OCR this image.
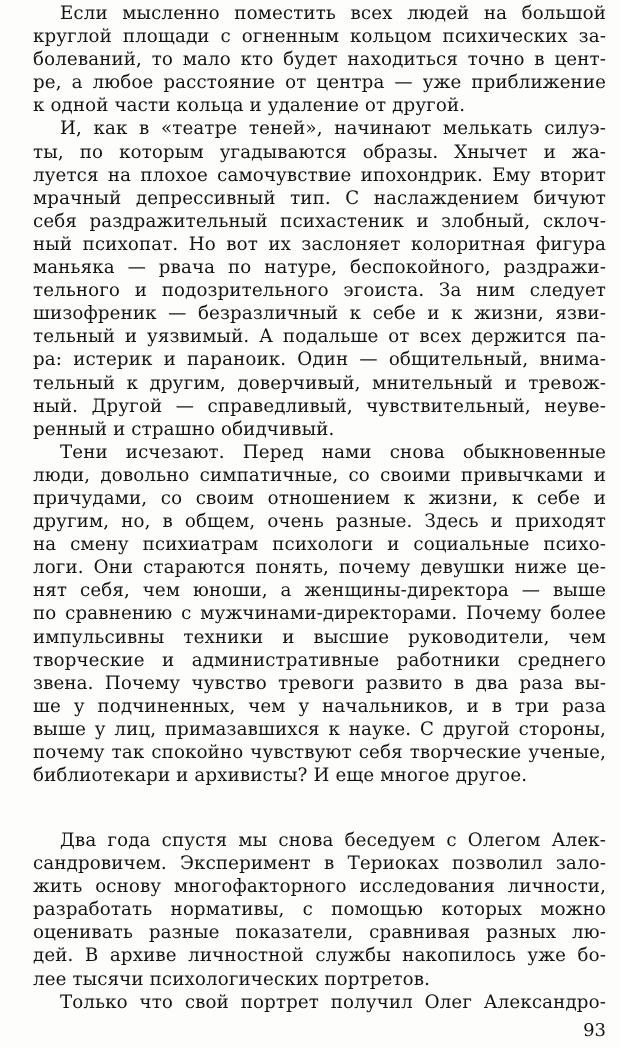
Если мысленно поместить всех людей на большой
круглой площади с огненным кольцом психических за-
болеваний, то мало кто будет находиться точно в цент-
ре, а любое расстояние от центра — уже приближение
к одной части кольца и удаление от другой.

И, как в «театре теней», начинают мелькать силуэ-
ты, по которым угадываются образы. Хнычет и жа-
луется на плохое самочувствие ипохондрик. Ему вторит
мрачный депрессивный тип. С наслаждением бичуют
себя раздражительный психастеник и злобный, склоч-
ный психопат. Но вот их заслоняет колоритная фигура
маньяка — рвача по натуре, беспокойного, раздражи-
тельного и подозрительного эгоиста. За ним следует
шизофреник — безразличный к себе и к жизни, язви-
тельный и уязвимый. А подальше от всех держится па-
ра: истерик и параноик. Один — общительный, внима-
тельный к другим, доверчивый, мнительный и тревож-
ный. Другой — справедливый, чувствительный, неуве-
ренный и страшно обидчивый.

Тени исчезают. Перед нами снова обыкновенные
люди, довольно симпатичные, со своими привычками и
причудами, со своим отношением к жизни, к себе и
другим, но, в общем, очень разные. Здесь и приходят
на смену психиатрам психологи и социальные психо-
логи. Они стараются понять, почему девушки ниже це-
нят себя, чем юноши, а женщины-директора — выше
по сравнению с мужчинами-директорами. Почему более
импульсивны техники и высшие руководители, чем
творческие и административные работники среднего
звена. Почему чувство тревоги развито в два раза вы-
ше у подчиненных, чем у начальников, и в три раза
выше у лиц, примазавшихся к науке. С другой стороны,
почему так спокойно чувствуют себя творческие ученые,
библиотекари и архивисты? И еще многое другое.

Два года спустя мы снова беседуем с Олегом Алек-
сандровичем. Эксперимент в Териоках позволил зало-
жить основу многофакторного исследования личности,
разработать нормативы, с помощью которых можно
оценивать разные показатели, сравнивая разных лю-
дей. В архиве личностной службы накопилось уже бо-
лее тысячи психологических портретов.

Только что свой портрет получил Олег Александро-

93
